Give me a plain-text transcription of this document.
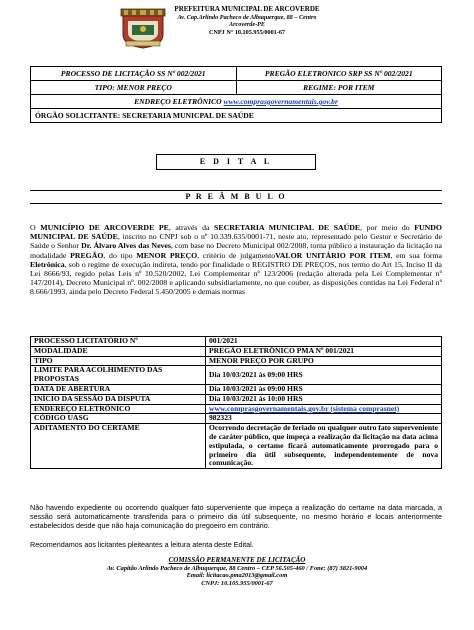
PREFEITURA MUNICIPAL DE ARCOVERDE
Av. Cap.Arlindo Pacheco de Albuquerque, 88 – Centro
Arcoverde-PE
CNPJ N° 10.105.955/0001-67
PROCESSO DE LICITAÇÃO SS Nº 002/2021	PREGÃO ELETRONICO SRP SS Nº 002/2021
TIPO: MENOR PREÇO	REGIME: POR ITEM
ENDREÇO ELETRÔNICO www.comprasgovernamentais.gov.br
ÓRGÃO SOLICITANTE: SECRETARIA MUNICPAL DE SAÚDE
E D I T A L
P R E Â M B U L O
O MUNICÍPIO DE ARCOVERDE PE, através da SECRETARIA MUNICIPAL DE SAÚDE, por meio do FUNDO MUNICIPAL DE SAÚDE, inscrito no CNPJ sob o nº 10.339.635/0001-71, neste ato, representado pelo Gestor e Secretário de Saúde o Senhor Dr. Álvaro Alves das Neves, com base no Decreto Municipal 002/2008, torna público a instauração da licitação na modalidade PREGÃO, do tipo MENOR PREÇO, critério de julgamentoVALOR UNITÁRIO POR ITEM, em sua forma Eletrônica, sob o regime de execução indireta, tendo por finalidade o REGISTRO DE PREÇOS, nos termo do Art 15, Inciso II da Lei 8666/93, regido pelas Leis nº 10.520/2002, Lei Complementar nº 123/2006 (redação alterada pela Lei Complementar nº 147/2014), Decreto Municipal nº. 002/2008 e aplicando subsidiariamente, no que couber, as disposições contidas na Lei Federal nº 8.666/1993, ainda pelo Decreto Federal 5.450/2005 e demais normas
PROCESSO LICITATÓRIO Nº	001/2021
MODALIDADE	PREGÃO ELETRÔNICO PMA Nº 001/2021
TIPO	MENOR PREÇO POR GRUPO
LIMITE PARA ACOLHIMENTO DAS PROPOSTAS	Dia 10/03/2021 às 09:00 HRS
DATA DE ABERTURA	Dia 10/03/2021 às 09:00 HRS
INÍCIO DA SESSÃO DA DISPUTA	Dia 10/03/2021 às 10:00 HRS
ENDEREÇO ELETRÔNICO	www.comprasgovernamentais.gov.br (sistema comprasnet)
CÓDIGO UASG	982323
ADITAMENTO DO CERTAME	Ocorrendo decretação de feriado ou qualquer outro fato superveniente de caráter público, que impeça a realização da licitação na data acima estipulada, o certame ficará automaticamente prorrogado para o primeiro dia útil subsequente, independentemente de nova comunicação.
Não havendo expediente ou ocorrendo qualquer fato superveniente que impeça a realização do certame na data marcada, a sessão será automaticamente transferida para o primeiro dia útil subsequente, no mesmo horário e locais anteriormente estabelecidos desde que não haja comunicação do pregoeiro em contrário.
Recomendamos aos licitantes pleiteantes a leitura atenta deste Edital.
COMISSÃO PERMANENTE DE LICITAÇÃO
Av. Capitão Arlindo Pacheco de Albuquerque, 88 Centro – CEP 56.505-460 / Fone: (87) 3821-9004
Email: licitacao.pma2013@gmail.com
CNPJ: 10.105.955/0001-67
